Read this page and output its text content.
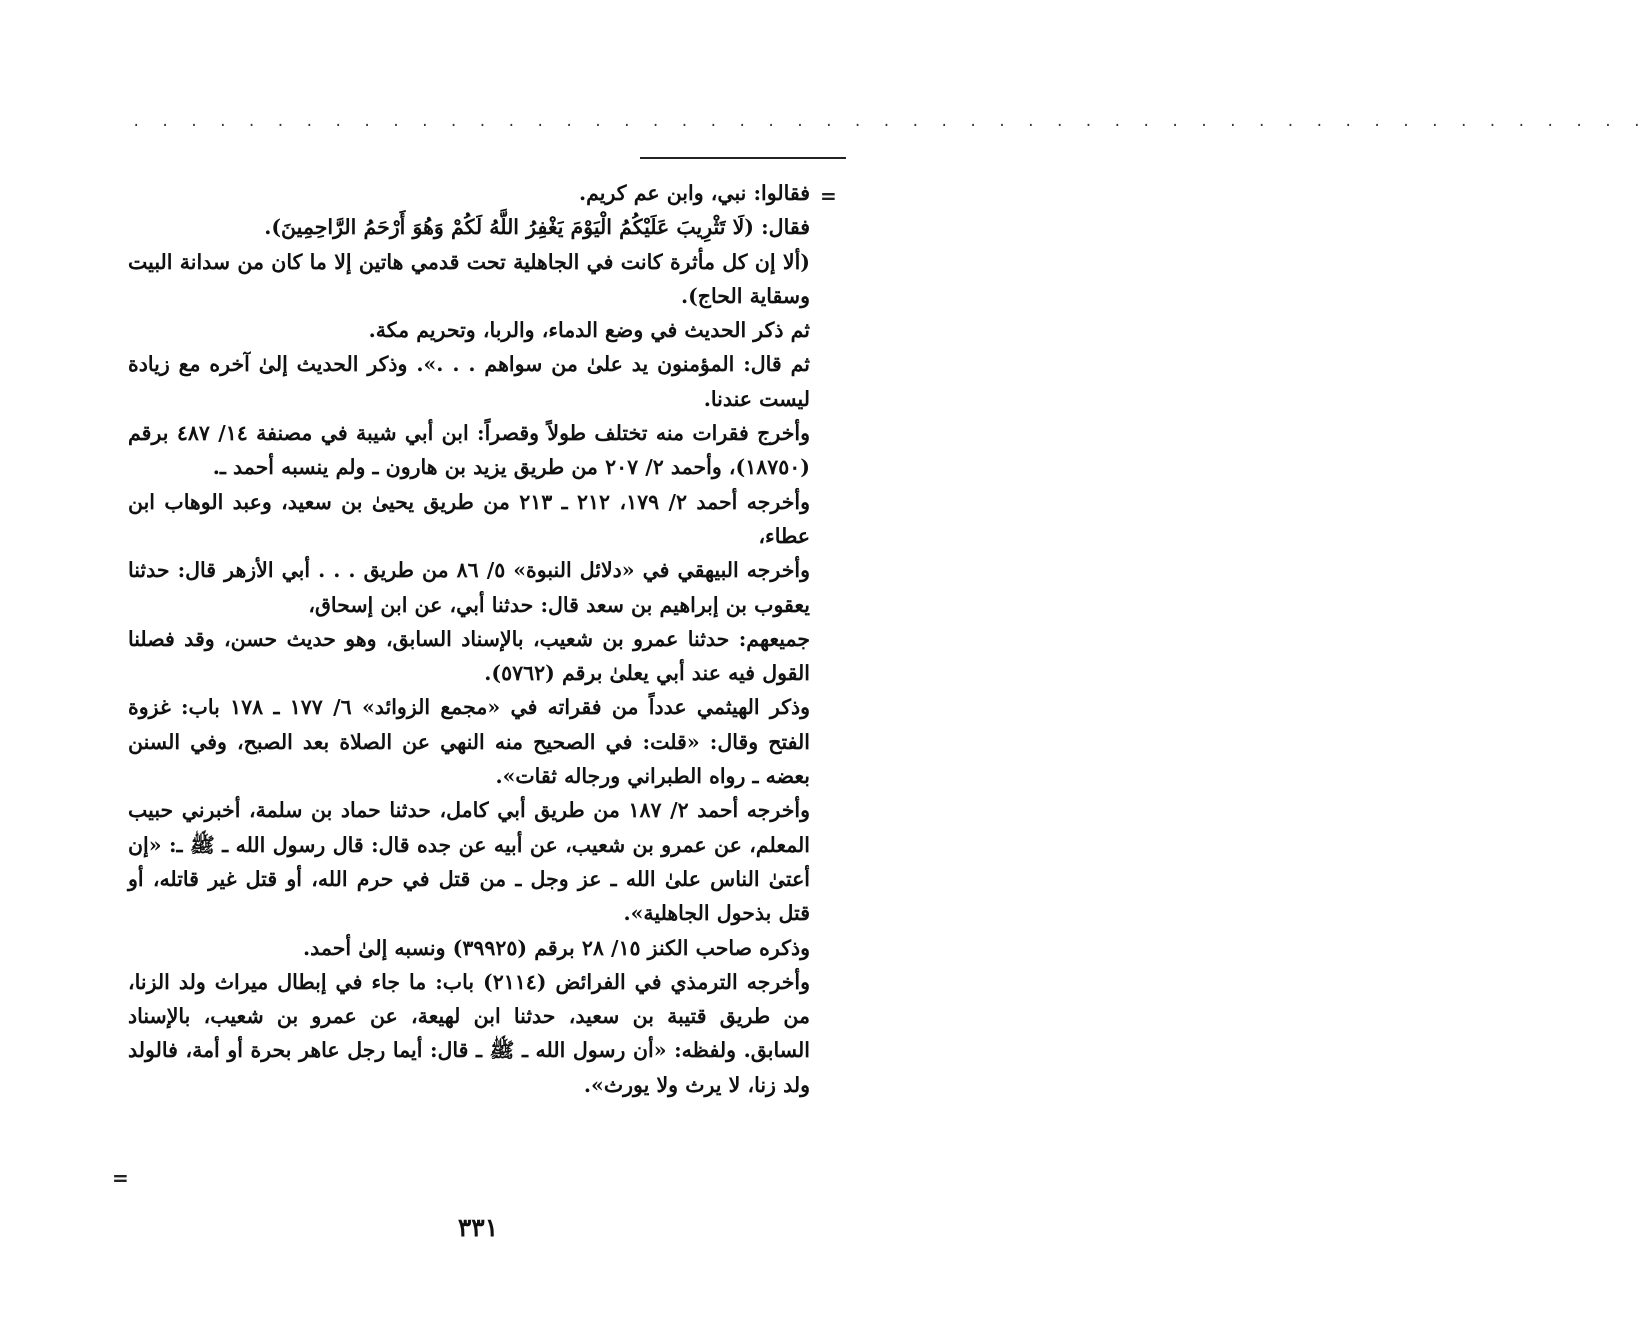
· · · · · · · · · · · · · · · · · · · · · · · · · · · · · · · · · · · · · · · · · · · · · · · · · · · · ·
=

فقالوا: نبي، وابن عم كريم.

فقال: (لَا تَثْرِيبَ عَلَيْكُمُ الْيَوْمَ يَغْفِرُ اللَّهُ لَكُمْ وَهُوَ أَرْحَمُ الرَّاحِمِينَ).

(ألا إن كل مأثرة كانت في الجاهلية تحت قدمي هاتين إلا ما كان من سدانة البيت وسقاية الحاج).

ثم ذكر الحديث في وضع الدماء، والربا، وتحريم مكة.

ثم قال: المؤمنون يد علىٰ من سواهم . . .». وذكر الحديث إلىٰ آخره مع زيادة ليست عندنا.

وأخرج فقرات منه تختلف طولاً وقصراً: ابن أبي شيبة في مصنفة ١٤/ ٤٨٧ برقم (١٨٧٥٠)، وأحمد ٢/ ٢٠٧ من طريق يزيد بن هارون ـ ولم ينسبه أحمد ـ.

وأخرجه أحمد ٢/ ١٧٩، ٢١٢ ـ ٢١٣ من طريق يحيىٰ بن سعيد، وعبد الوهاب ابن عطاء،

وأخرجه البيهقي في «دلائل النبوة» ٥/ ٨٦ من طريق . . . أبي الأزهر قال: حدثنا يعقوب بن إبراهيم بن سعد قال: حدثنا أبي، عن ابن إسحاق،

جميعهم: حدثنا عمرو بن شعيب، بالإسناد السابق، وهو حديث حسن، وقد فصلنا القول فيه عند أبي يعلىٰ برقم (٥٧٦٢).

وذكر الهيثمي عدداً من فقراته في «مجمع الزوائد» ٦/ ١٧٧ ـ ١٧٨ باب: غزوة الفتح وقال: «قلت: في الصحيح منه النهي عن الصلاة بعد الصبح، وفي السنن بعضه ـ رواه الطبراني ورجاله ثقات».

وأخرجه أحمد ٢/ ١٨٧ من طريق أبي كامل، حدثنا حماد بن سلمة، أخبرني حبيب المعلم، عن عمرو بن شعيب، عن أبيه عن جده قال: قال رسول الله ـ ﷺ ـ: «إن أعتىٰ الناس علىٰ الله ـ عز وجل ـ من قتل في حرم الله، أو قتل غير قاتله، أو قتل بذحول الجاهلية».

وذكره صاحب الكنز ١٥/ ٢٨ برقم (٣٩٩٢٥) ونسبه إلىٰ أحمد.

وأخرجه الترمذي في الفرائض (٢١١٤) باب: ما جاء في إبطال ميراث ولد الزنا، من طريق قتيبة بن سعيد، حدثنا ابن لهيعة، عن عمرو بن شعيب، بالإسناد السابق. ولفظه: «أن رسول الله ـ ﷺ ـ قال: أيما رجل عاهر بحرة أو أمة، فالولد ولد زنا، لا يرث ولا يورث».

=
٣٣١
